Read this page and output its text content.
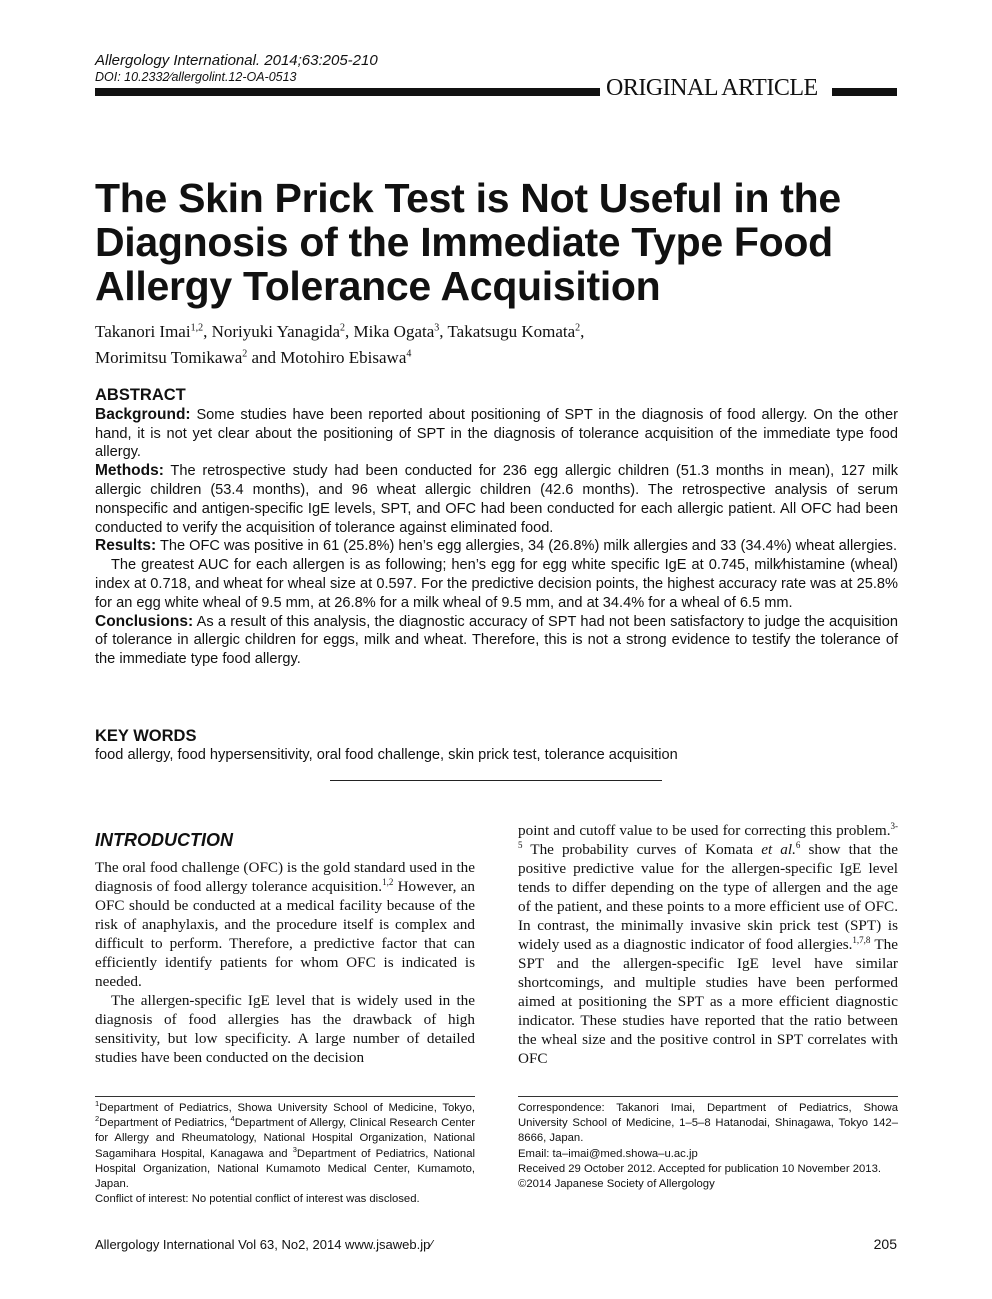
Allergology International. 2014;63:205-210
DOI: 10.2332∕allergolint.12-OA-0513	ORIGINAL ARTICLE
The Skin Prick Test is Not Useful in the Diagnosis of the Immediate Type Food Allergy Tolerance Acquisition
Takanori Imai$^{1,2}$, Noriyuki Yanagida$^2$, Mika Ogata$^3$, Takatsugu Komata$^2$,
Morimitsu Tomikawa$^2$ and Motohiro Ebisawa$^4$
ABSTRACT

Background: Some studies have been reported about positioning of SPT in the diagnosis of food allergy. On the other hand, it is not yet clear about the positioning of SPT in the diagnosis of tolerance acquisition of the immediate type food allergy.

Methods: The retrospective study had been conducted for 236 egg allergic children (51.3 months in mean), 127 milk allergic children (53.4 months), and 96 wheat allergic children (42.6 months). The retrospective analysis of serum nonspecific and antigen-specific IgE levels, SPT, and OFC had been conducted for each allergic patient. All OFC had been conducted to verify the acquisition of tolerance against eliminated food.

Results: The OFC was positive in 61 (25.8%) hen’s egg allergies, 34 (26.8%) milk allergies and 33 (34.4%) wheat allergies.

The greatest AUC for each allergen is as following; hen’s egg for egg white specific IgE at 0.745, milk∕histamine (wheal) index at 0.718, and wheat for wheal size at 0.597. For the predictive decision points, the highest accuracy rate was at 25.8% for an egg white wheal of 9.5 mm, at 26.8% for a milk wheal of 9.5 mm, and at 34.4% for a wheal of 6.5 mm.

Conclusions: As a result of this analysis, the diagnostic accuracy of SPT had not been satisfactory to judge the acquisition of tolerance in allergic children for eggs, milk and wheat. Therefore, this is not a strong evidence to testify the tolerance of the immediate type food allergy.

KEY WORDS
food allergy, food hypersensitivity, oral food challenge, skin prick test, tolerance acquisition
INTRODUCTION

The oral food challenge (OFC) is the gold standard used in the diagnosis of food allergy tolerance acquisition.$^{1,2}$ However, an OFC should be conducted at a medical facility because of the risk of anaphylaxis, and the procedure itself is complex and difficult to perform. Therefore, a predictive factor that can efficiently identify patients for whom OFC is indicated is needed.

The allergen-specific IgE level that is widely used in the diagnosis of food allergies has the drawback of high sensitivity, but low specificity. A large number of detailed studies have been conducted on the decision

point and cutoff value to be used for correcting this problem.$^{3-5}$ The probability curves of Komata et al.$^6$ show that the positive predictive value for the allergen-specific IgE level tends to differ depending on the type of allergen and the age of the patient, and these points to a more efficient use of OFC. In contrast, the minimally invasive skin prick test (SPT) is widely used as a diagnostic indicator of food allergies.$^{1,7,8}$ The SPT and the allergen-specific IgE level have similar shortcomings, and multiple studies have been performed aimed at positioning the SPT as a more efficient diagnostic indicator. These studies have reported that the ratio between the wheal size and the positive control in SPT correlates with OFC

$^1$Department of Pediatrics, Showa University School of Medicine, Tokyo, $^2$Department of Pediatrics, $^4$Department of Allergy, Clinical Research Center for Allergy and Rheumatology, National Hospital Organization, National Sagamihara Hospital, Kanagawa and $^3$Department of Pediatrics, National Hospital Organization, National Kumamoto Medical Center, Kumamoto, Japan.

Conflict of interest: No potential conflict of interest was disclosed.

Correspondence: Takanori Imai, Department of Pediatrics, Showa University School of Medicine, 1–5–8 Hatanodai, Shinagawa, Tokyo 142–8666, Japan.

Email: ta–imai@med.showa–u.ac.jp

Received 29 October 2012. Accepted for publication 10 November 2013.

©2014 Japanese Society of Allergology

Allergology International Vol 63, No2, 2014 www.jsaweb.jp∕	205
